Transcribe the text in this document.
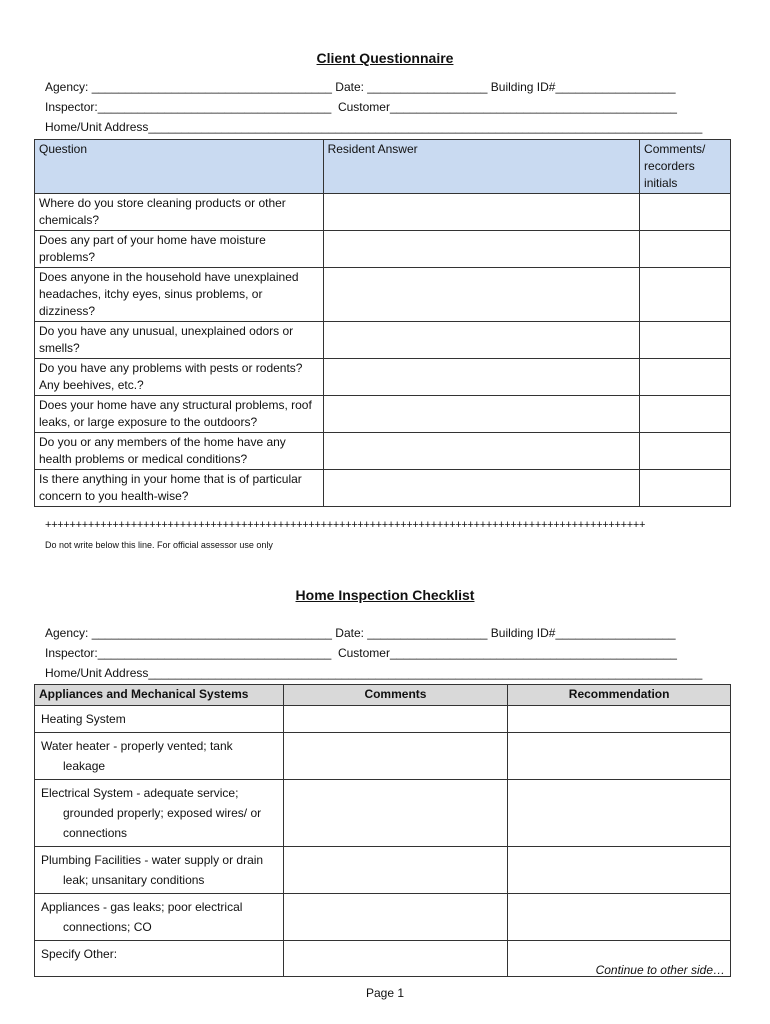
Client Questionnaire
Agency: ____________________________________ Date: __________________ Building ID#__________________
Inspector:___________________________________  Customer___________________________________________
Home/Unit Address___________________________________________________________________________________
Question	Resident Answer	Comments/ recorders initials
Where do you store cleaning products or other chemicals?		
Does any part of your home have moisture problems?		
Does anyone in the household have unexplained headaches, itchy eyes, sinus problems, or dizziness?		
Do you have any unusual, unexplained odors or smells?		
Do you have any problems with pests or rodents? Any beehives, etc.?		
Does your home have any structural problems, roof leaks, or large exposure to the outdoors?		
Do you or any members of the home have any health problems or medical conditions?		
Is there anything in your home that is of particular concern to you health-wise?		
++++++++++++++++++++++++++++++++++++++++++++++++++++++++++++++++++++++++++++++++++++++++++++++++++
Do not write below this line. For official assessor use only
Home Inspection Checklist
Agency: ____________________________________ Date: __________________ Building ID#__________________
Inspector:___________________________________  Customer___________________________________________
Home/Unit Address___________________________________________________________________________________
Appliances and Mechanical Systems	Comments	Recommendation
Heating System		
Water heater - properly vented; tank
leakage		

Electrical System - adequate service;
grounded properly; exposed wires/ or connections		

Plumbing Facilities - water supply or drain
leak; unsanitary conditions		

Appliances - gas leaks; poor electrical
connections; CO		

Specify Other:		
Continue to other side…
Page 1
